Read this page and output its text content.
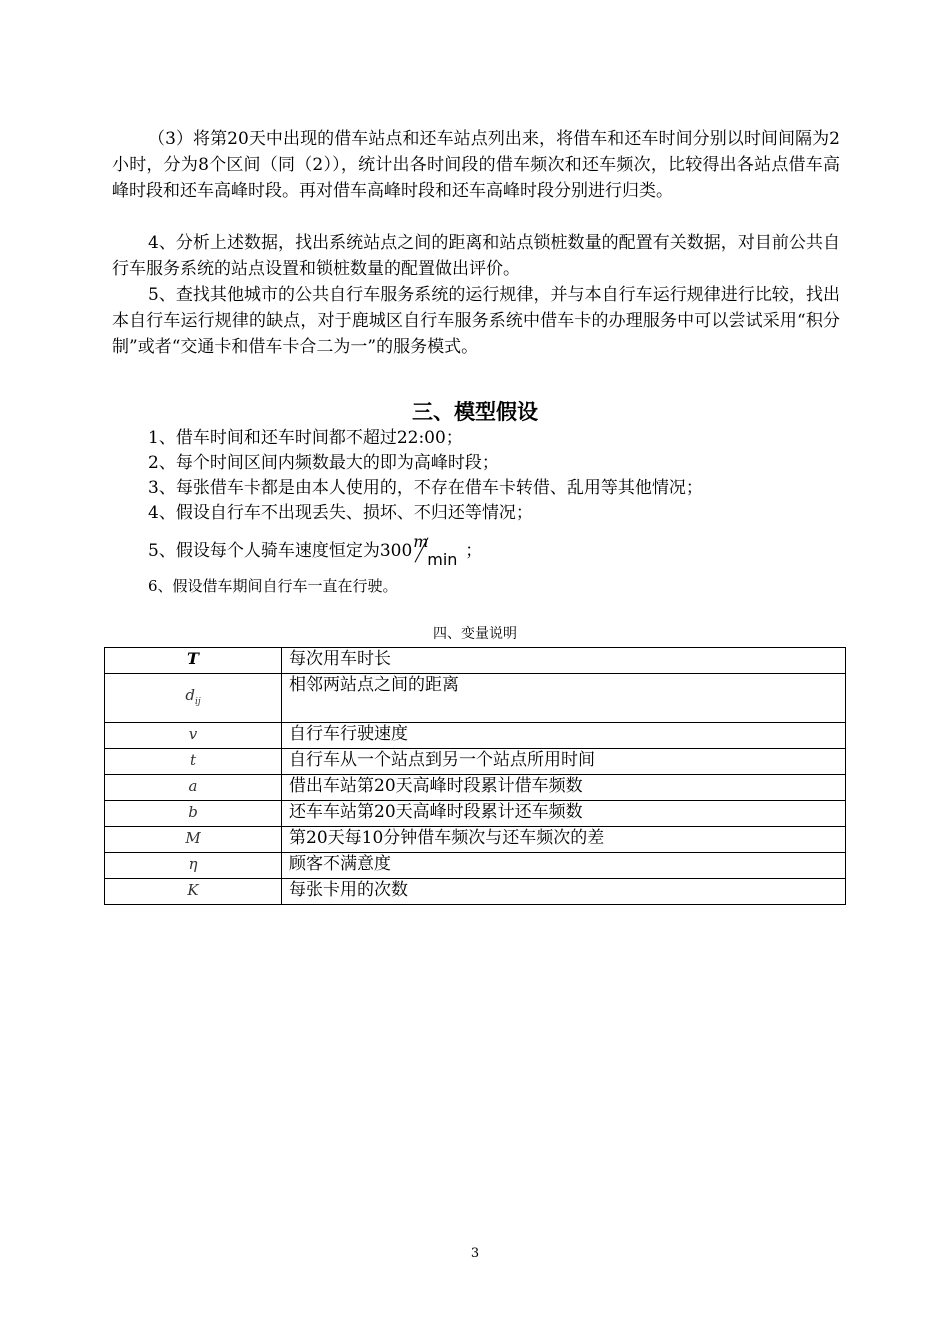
（3）将第20天中出现的借车站点和还车站点列出来，将借车和还车时间分别以时间间隔为2小时，分为8个区间（同（2）），统计出各时间段的借车频次和还车频次，比较得出各站点借车高峰时段和还车高峰时段。再对借车高峰时段和还车高峰时段分别进行归类。

4、分析上述数据，找出系统站点之间的距离和站点锁桩数量的配置有关数据，对目前公共自行车服务系统的站点设置和锁桩数量的配置做出评价。

5、查找其他城市的公共自行车服务系统的运行规律，并与本自行车运行规律进行比较，找出本自行车运行规律的缺点，对于鹿城区自行车服务系统中借车卡的办理服务中可以尝试采用“积分制”或者“交通卡和借车卡合二为一”的服务模式。

三、模型假设

1、借车时间和还车时间都不超过22:00；

2、每个时间区间内频数最大的即为高峰时段；

3、每张借车卡都是由本人使用的，不存在借车卡转借、乱用等其他情况；

4、假设自行车不出现丢失、损坏、不归还等情况；

5、假设每个人骑车速度恒定为300 m
min ；

6、假设借车期间自行车一直在行驶。

四、变量说明

T	每次用车时长
$d_{ij}$	相邻两站点之间的距离
v	自行车行驶速度
t	自行车从一个站点到另一个站点所用时间
a	借出车站第20天高峰时段累计借车频数
b	还车车站第20天高峰时段累计还车频数
M	第20天每10分钟借车频次与还车频次的差
η	顾客不满意度
K	每张卡用的次数

3
